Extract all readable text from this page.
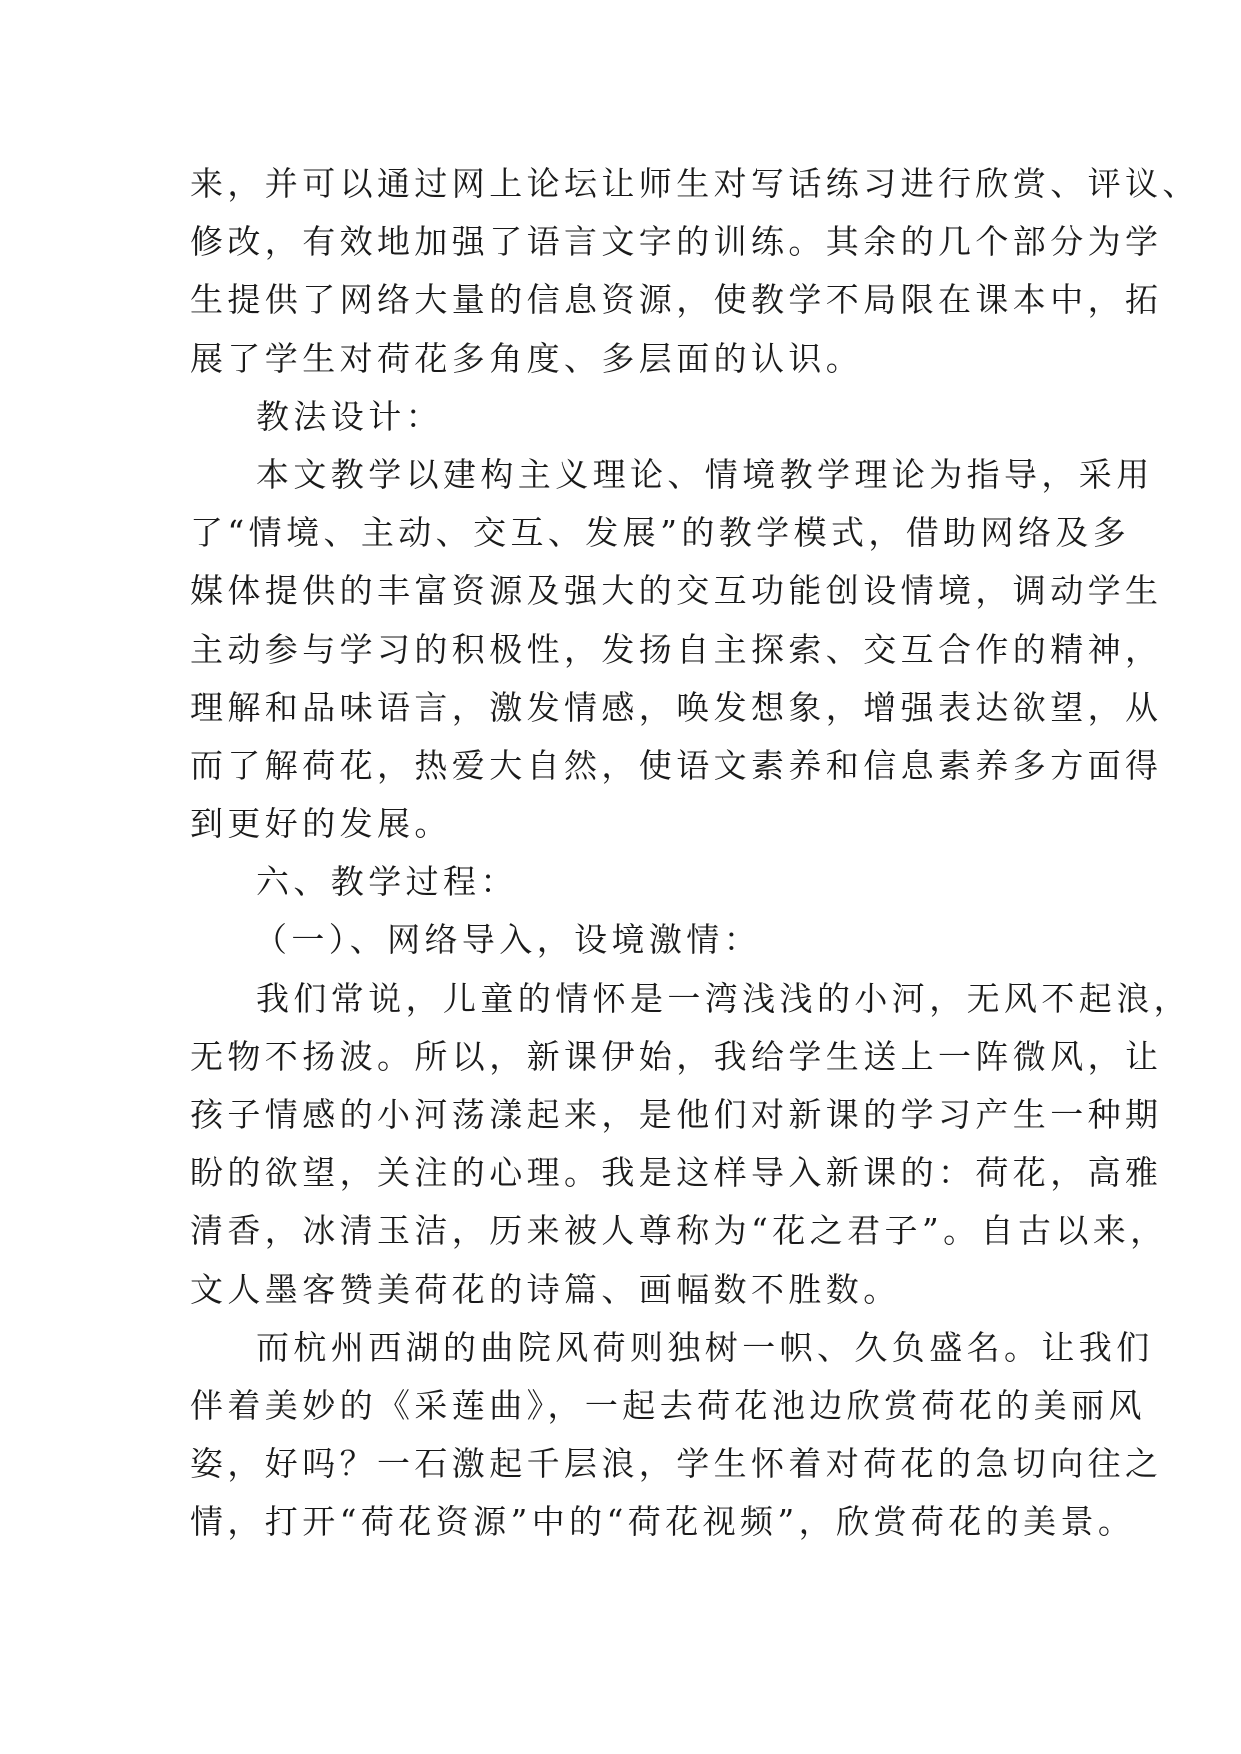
来，并可以通过网上论坛让师生对写话练习进行欣赏、评议、
修改，有效地加强了语言文字的训练。其余的几个部分为学
生提供了网络大量的信息资源，使教学不局限在课本中，拓
展了学生对荷花多角度、多层面的认识。
教法设计：
本文教学以建构主义理论、情境教学理论为指导，采用
了“情境、主动、交互、发展”的教学模式，借助网络及多
媒体提供的丰富资源及强大的交互功能创设情境，调动学生
主动参与学习的积极性，发扬自主探索、交互合作的精神，
理解和品味语言，激发情感，唤发想象，增强表达欲望，从
而了解荷花，热爱大自然，使语文素养和信息素养多方面得
到更好的发展。
六、教学过程：
（一）、网络导入，设境激情：
我们常说，儿童的情怀是一湾浅浅的小河，无风不起浪，
无物不扬波。所以，新课伊始，我给学生送上一阵微风，让
孩子情感的小河荡漾起来，是他们对新课的学习产生一种期
盼的欲望，关注的心理。我是这样导入新课的：荷花，高雅
清香，冰清玉洁，历来被人尊称为“花之君子”。自古以来，
文人墨客赞美荷花的诗篇、画幅数不胜数。
而杭州西湖的曲院风荷则独树一帜、久负盛名。让我们
伴着美妙的《采莲曲》，一起去荷花池边欣赏荷花的美丽风
姿，好吗？一石激起千层浪，学生怀着对荷花的急切向往之
情，打开“荷花资源”中的“荷花视频”，欣赏荷花的美景。
